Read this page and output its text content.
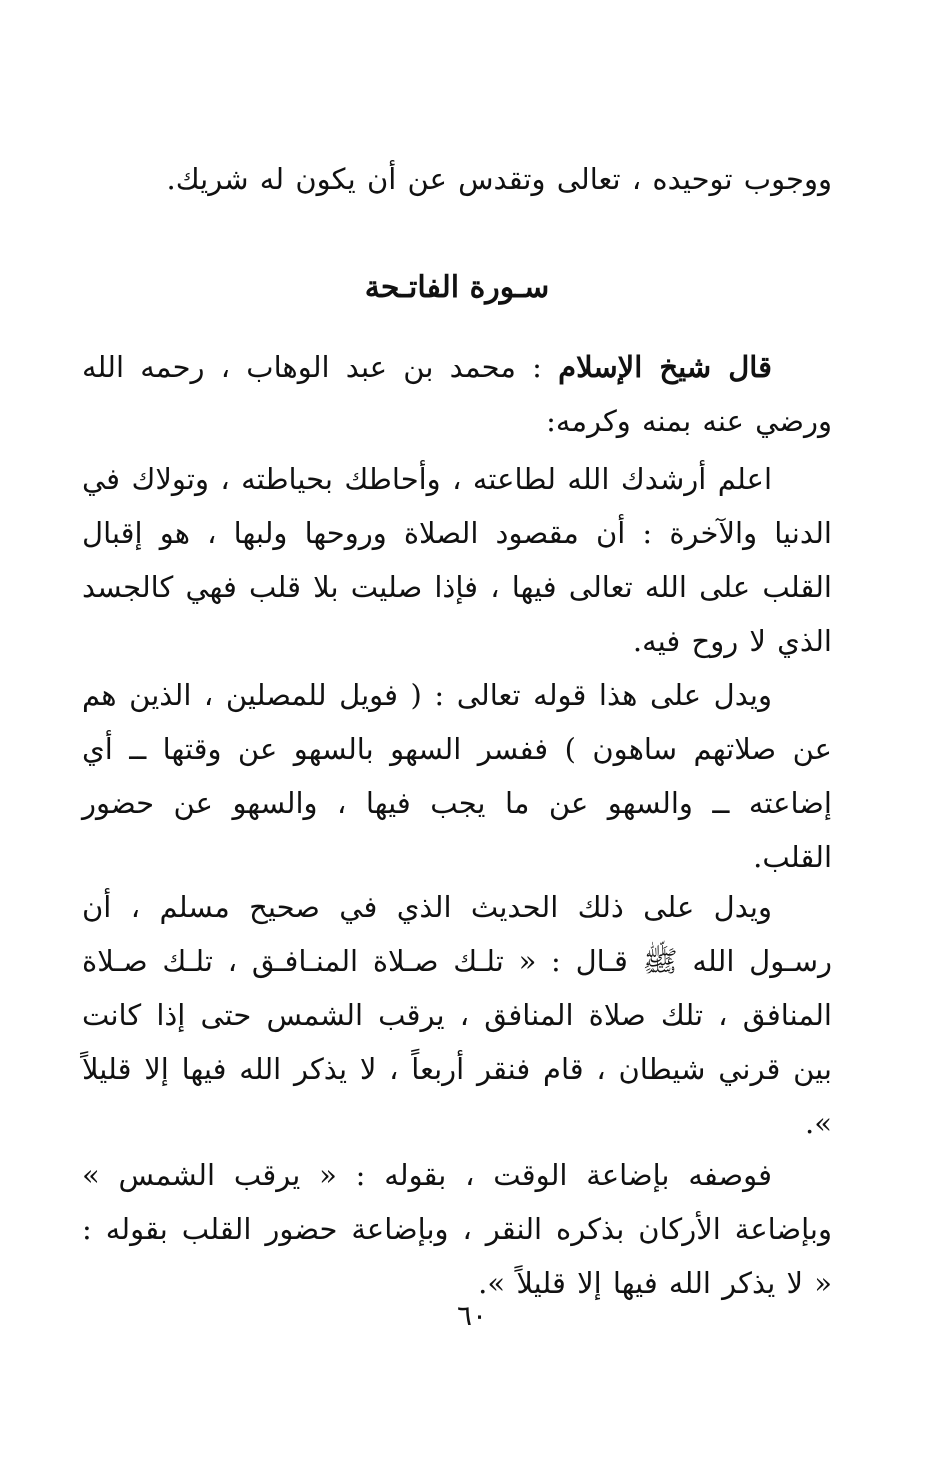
ووجوب توحيده ، تعالى وتقدس عن أن يكون له شريك.
سـورة الفاتـحة
قال شيخ الإسلام : محمد بن عبد الوهاب ، رحمه الله ورضي عنه بمنه وكرمه:
اعلم أرشدك الله لطاعته ، وأحاطك بحياطته ، وتولاك في الدنيا والآخرة : أن مقصود الصلاة وروحها ولبها ، هو إقبال القلب على الله تعالى فيها ، فإذا صليت بلا قلب فهي كالجسد الذي لا روح فيه.
ويدل على هذا قوله تعالى : ( فويل للمصلين ، الذين هم عن صلاتهم ساهون ) ففسر السهو بالسهو عن وقتها ــ أي إضاعته ــ والسهو عن ما يجب فيها ، والسهو عن حضور القلب.
ويدل على ذلك الحديث الذي في صحيح مسلم ، أن رسـول الله ﷺ قـال : « تلـك صـلاة المنـافـق ، تلـك صـلاة المنافق ، تلك صلاة المنافق ، يرقب الشمس حتى إذا كانت بين قرني شيطان ، قام فنقر أربعاً ، لا يذكر الله فيها إلا قليلاً ».
فوصفه بإضاعة الوقت ، بقوله : « يرقب الشمس » وبإضاعة الأركان بذكره النقر ، وبإضاعة حضور القلب بقوله : « لا يذكر الله فيها إلا قليلاً ».
٦٠
